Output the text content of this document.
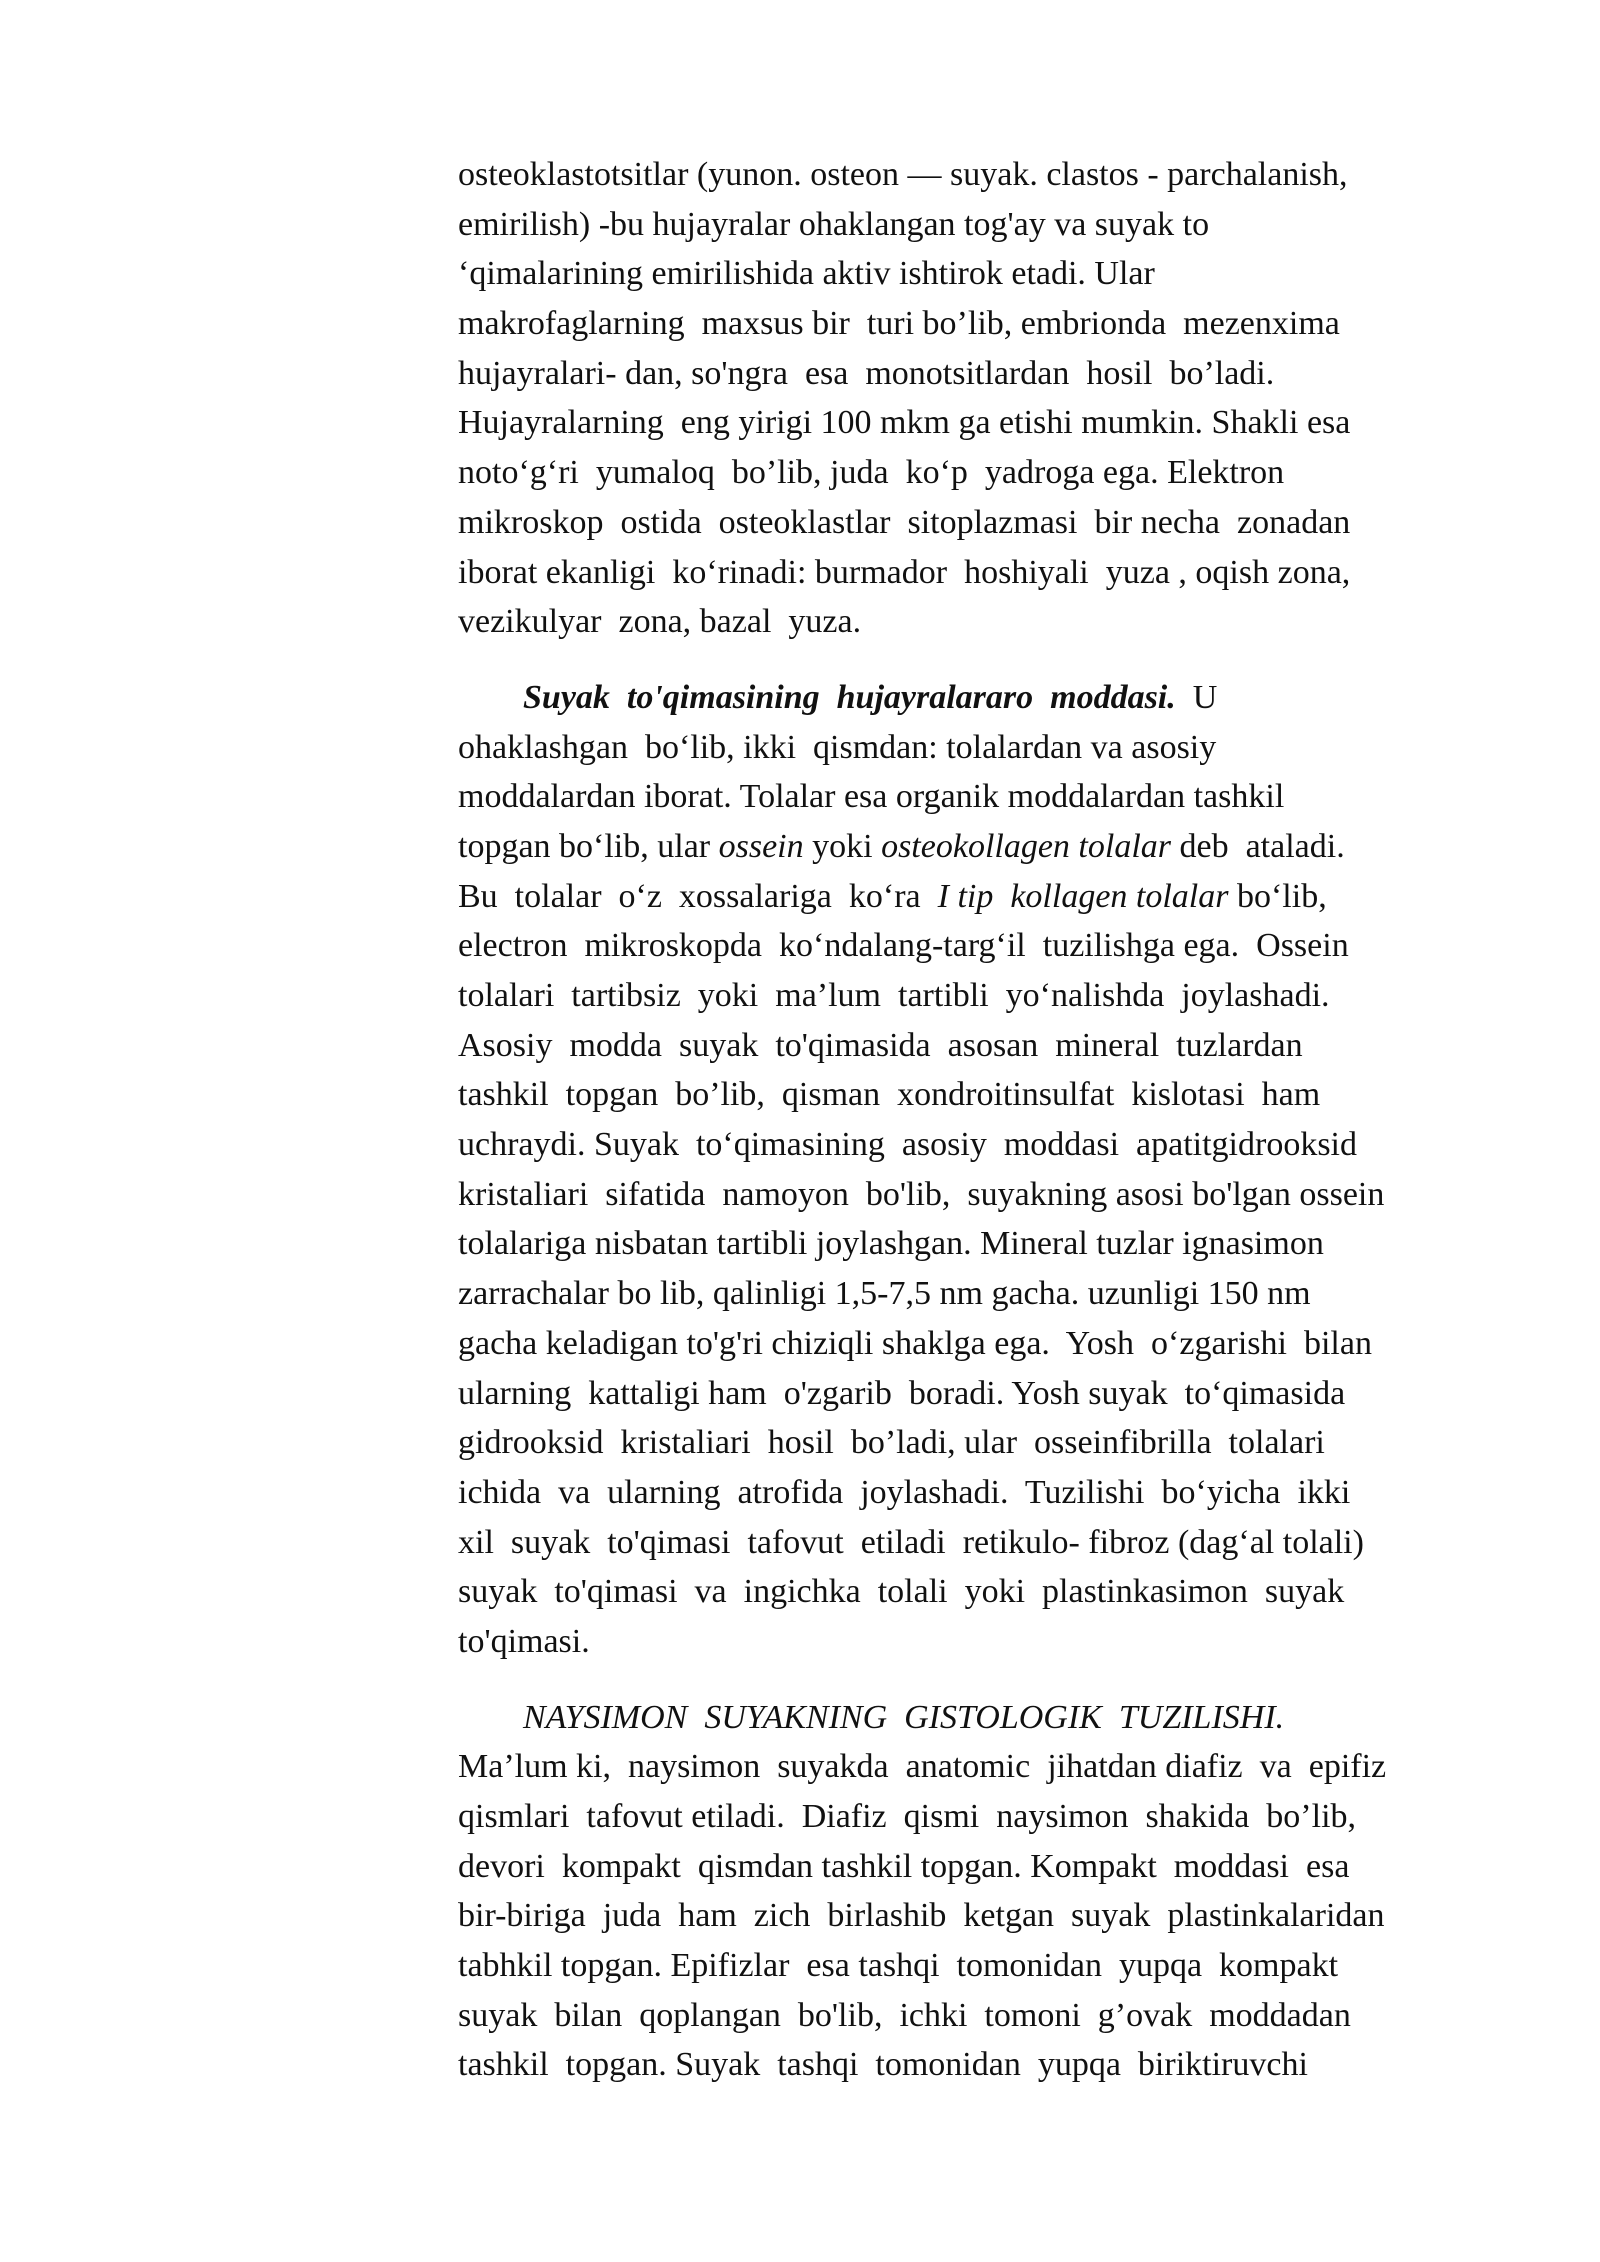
osteoklastotsitlar (yunon. osteon — suyak. clastos - parchalanish,
emirilish) -bu hujayralar ohaklangan tog'ay va suyak to
‘qimalarining emirilishida aktiv ishtirok etadi. Ular
makrofaglarning  maxsus bir  turi bo’lib, embrionda  mezenxima
hujayralari- dan, so'ngra  esa  monotsitlardan  hosil  bo’ladi.
Hujayralarning  eng yirigi 100 mkm ga etishi mumkin. Shakli esa
noto‘g‘ri  yumaloq  bo’lib, juda  ko‘p  yadroga ega. Elektron
mikroskop  ostida  osteoklastlar  sitoplazmasi  bir necha  zonadan
iborat ekanligi  ko‘rinadi: burmador  hoshiyali  yuza , oqish zona,
vezikulyar  zona, bazal  yuza.
Suyak  to'qimasining  hujayralararo  moddasi.  U
ohaklashgan  bo‘lib, ikki  qismdan: tolalardan va asosiy
moddalardan iborat. Tolalar esa organik moddalardan tashkil
topgan bo‘lib, ular ossein yoki osteokollagen tolalar deb  ataladi.
Bu  tolalar  o‘z  xossalariga  ko‘ra  I tip  kollagen tolalar bo‘lib,
electron  mikroskopda  ko‘ndalang-targ‘il  tuzilishga ega.  Ossein
tolalari  tartibsiz  yoki  ma’lum  tartibli  yo‘nalishda  joylashadi.
Asosiy  modda  suyak  to'qimasida  asosan  mineral  tuzlardan
tashkil  topgan  bo’lib,  qisman  xondroitinsulfat  kislotasi  ham
uchraydi. Suyak  to‘qimasining  asosiy  moddasi  apatitgidrooksid
kristaliari  sifatida  namoyon  bo'lib,  suyakning asosi bo'lgan ossein
tolalariga nisbatan tartibli joylashgan. Mineral tuzlar ignasimon
zarrachalar bo lib, qalinligi 1,5-7,5 nm gacha. uzunligi 150 nm
gacha keladigan to'g'ri chiziqli shaklga ega.  Yosh  o‘zgarishi  bilan
ularning  kattaligi ham  o'zgarib  boradi. Yosh suyak  to‘qimasida
gidrooksid  kristaliari  hosil  bo’ladi, ular  osseinfibrilla  tolalari
ichida  va  ularning  atrofida  joylashadi.  Tuzilishi  bo‘yicha  ikki
xil  suyak  to'qimasi  tafovut  etiladi  retikulo- fibroz (dag‘al tolali)
suyak  to'qimasi  va  ingichka  tolali  yoki  plastinkasimon  suyak
to'qimasi.
NAYSIMON  SUYAKNING  GISTOLOGIK  TUZILISHI.
Ma’lum ki,  naysimon  suyakda  anatomic  jihatdan diafiz  va  epifiz
qismlari  tafovut etiladi.  Diafiz  qismi  naysimon  shakida  bo’lib,
devori  kompakt  qismdan tashkil topgan. Kompakt  moddasi  esa
bir-biriga  juda  ham  zich  birlashib  ketgan  suyak  plastinkalaridan
tabhkil topgan. Epifizlar  esa tashqi  tomonidan  yupqa  kompakt
suyak  bilan  qoplangan  bo'lib,  ichki  tomoni  g’ovak  moddadan
tashkil  topgan. Suyak  tashqi  tomonidan  yupqa  biriktiruvchi
